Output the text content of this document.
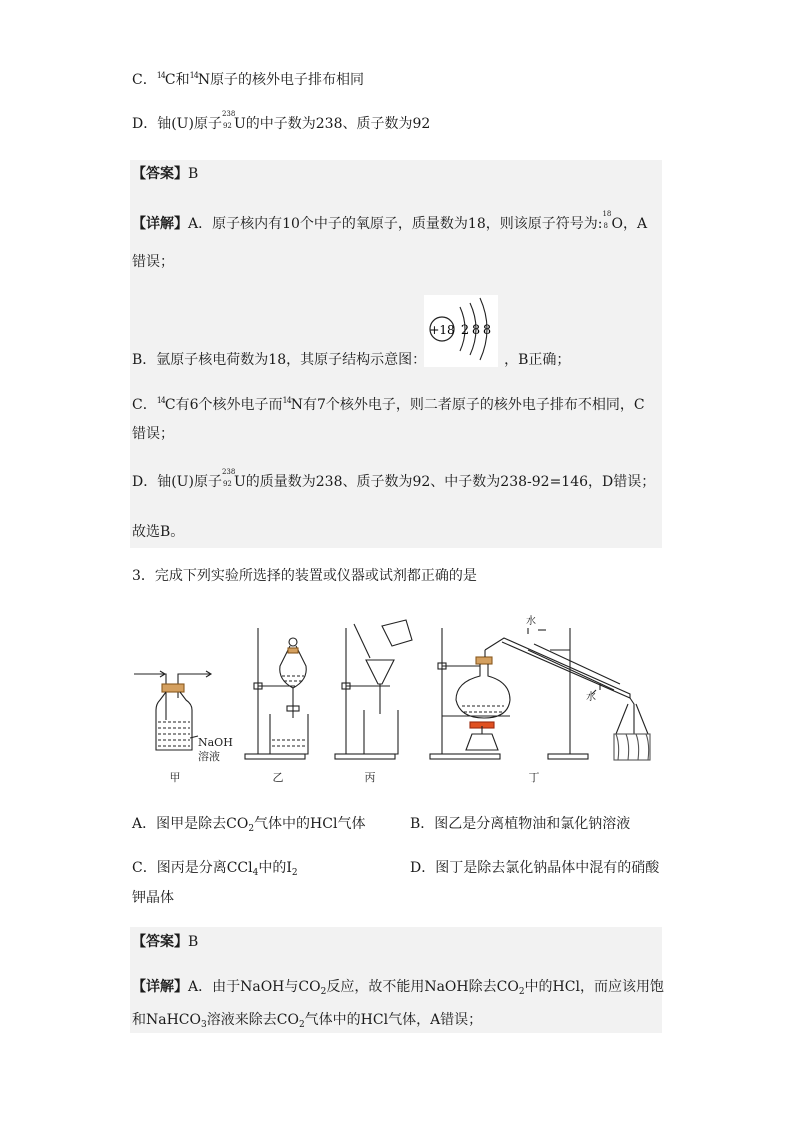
C．$^{14}$C和$^{14}$N原子的核外电子排布相同
D．铀(U)原子
238
92 U的中子数为238、质子数为92
【答案】B
【详解】A．原子核内有10个中子的氧原子，质量数为18，则该原子符号为:
18
8 O，A
错误；
+18 2 8 8
B．氩原子核电荷数为18，其原子结构示意图：	，B正确；
C．$^{14}$C有6个核外电子而$^{14}$N有7个核外电子，则二者原子的核外电子排布不相同，C
错误；
D．铀(U)原子
238
92 U的质量数为238、质子数为92、中子数为238-92=146，D错误；
故选B。
3．完成下列实验所选择的装置或仪器或试剂都正确的是
NaOH
溶液
甲	乙	丙	丁
水
水
A．图甲是除去$CO_2$气体中的HCl气体	B．图乙是分离植物油和氯化钠溶液
C．图丙是分离CCl$_4$中的$I_2$	D．图丁是除去氯化钠晶体中混有的硝酸
钾晶体
【答案】B
【详解】A．由于NaOH与$CO_2$反应，故不能用NaOH除去$CO_2$中的HCl，而应该用饱
和NaHCO$_3$溶液来除去$CO_2$气体中的HCl气体，A错误；
